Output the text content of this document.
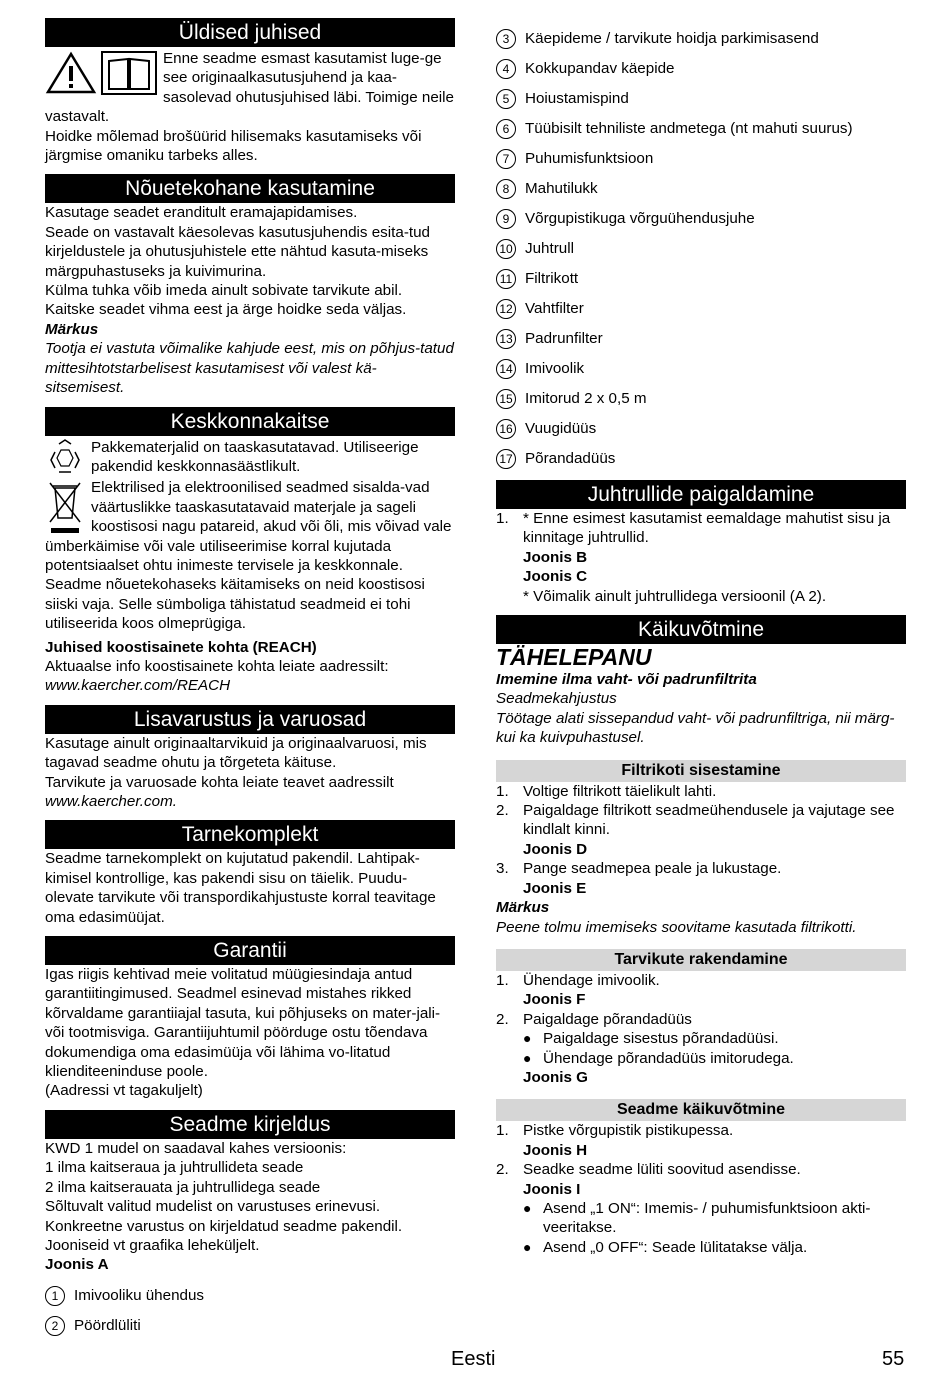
Üldised juhised

Enne seadme esmast kasutamist luge-ge see originaalkasutusjuhend ja kaa-sasolevad ohutusjuhised läbi. Toimige neile vastavalt.

Hoidke mõlemad brošüürid hilisemaks kasutamiseks või järgmise omaniku tarbeks alles.

Nõuetekohane kasutamine

Kasutage seadet eranditult eramajapidamises.

Seade on vastavalt käesolevas kasutusjuhendis esita-tud kirjeldustele ja ohutusjuhistele ette nähtud kasuta-miseks märgpuhastuseks ja kuivimurina.

Külma tuhka võib imeda ainult sobivate tarvikute abil.

Kaitske seadet vihma eest ja ärge hoidke seda väljas.

Märkus

Tootja ei vastuta võimalike kahjude eest, mis on põhjus-tatud mittesihtotstarbelisest kasutamisest või valest kä-sitsemisest.

Keskkonnakaitse

Pakkematerjalid on taaskasutatavad. Utiliseerige pakendid keskkonnasäästlikult.

Elektrilised ja elektroonilised seadmed sisalda-vad väärtuslikke taaskasutatavaid materjale ja sageli koostisosi nagu patareid, akud või õli, mis võivad vale ümberkäimise või vale utiliseerimise korral kujutada potentsiaalset ohtu inimeste tervisele ja keskkonnale. Seadme nõuetekohaseks käitamiseks on neid koostisosi siiski vaja. Selle sümboliga tähistatud seadmeid ei tohi utiliseerida koos olmeprügiga.

Juhised koostisainete kohta (REACH)

Aktuaalse info koostisainete kohta leiate aadressilt:

www.kaercher.com/REACH

Lisavarustus ja varuosad

Kasutage ainult originaaltarvikuid ja originaalvaruosi, mis tagavad seadme ohutu ja tõrgeteta käituse.

Tarvikute ja varuosade kohta leiate teavet aadressilt

www.kaercher.com.

Tarnekomplekt

Seadme tarnekomplekt on kujutatud pakendil. Lahtipak-kimisel kontrollige, kas pakendi sisu on täielik. Puudu-olevate tarvikute või transpordikahjustuste korral teavitage oma edasimüüjat.

Garantii

Igas riigis kehtivad meie volitatud müügiesindaja antud garantiitingimused. Seadmel esinevad mistahes rikked kõrvaldame garantiiajal tasuta, kui põhjuseks on mater-jali- või tootmisviga. Garantiijuhtumil pöörduge ostu tõendava dokumendiga oma edasimüüja või lähima vo-litatud klienditeeninduse poole.

(Aadressi vt tagakuljelt)

Seadme kirjeldus

KWD 1 mudel on saadaval kahes versioonis:

1 ilma kaitseraua ja juhtrullideta seade

2 ilma kaitserauata ja juhtrullidega seade

Sõltuvalt valitud mudelist on varustuses erinevusi. Konkreetne varustus on kirjeldatud seadme pakendil.

Jooniseid vt graafika leheküljelt.

Joonis A

1	Imivooliku ühendus
2	Pöördlüliti
3	Käepideme / tarvikute hoidja parkimisasend
4	Kokkupandav käepide
5	Hoiustamispind
6	Tüübisilt tehniliste andmetega (nt mahuti suurus)
7	Puhumisfunktsioon
8	Mahutilukk
9	Võrgupistikuga võrguühendusjuhe
10 Juhtrull
11 Filtrikott
12 Vahtfilter
13 Padrunfilter
14 Imivoolik
15 Imitorud 2 x 0,5 m
16 Vuugidüüs
17 Põrandadüüs
Juhtrullide paigaldamine
1. * Enne esimest kasutamist eemaldage mahutist sisu ja kinnitage juhtrullid.

Joonis B

Joonis C

* Võimalik ainult juhtrullidega versioonil (A 2).

Käikuvõtmine

TÄHELEPANU

Imemine ilma vaht- või padrunfiltrita

Seadmekahjustus

Töötage alati sissepandud vaht- või padrunfiltriga, nii märg- kui ka kuivpuhastusel.

Filtrikoti sisestamine
1. Voltige filtrikott täielikult lahti.
2. Paigaldage filtrikott seadmeühendusele ja vajutage see kindlalt kinni.

Joonis D

3. Pange seadmepea peale ja lukustage.

Joonis E

Märkus

Peene tolmu imemiseks soovitame kasutada filtrikotti.

Tarvikute rakendamine
1. Ühendage imivoolik.

Joonis F

2. Paigaldage põrandadüüs
● Paigaldage sisestus põrandadüüsi.
● Ühendage põrandadüüs imitorudega.

Joonis G

Seadme käikuvõtmine
1. Pistke võrgupistik pistikupessa.

Joonis H

2. Seadke seadme lüliti soovitud asendisse.

Joonis I

● Asend „1 ON“: Imemis- / puhumisfunktsioon akti-veeritakse.
● Asend „0 OFF“: Seade lülitatakse välja.
Eesti	55
